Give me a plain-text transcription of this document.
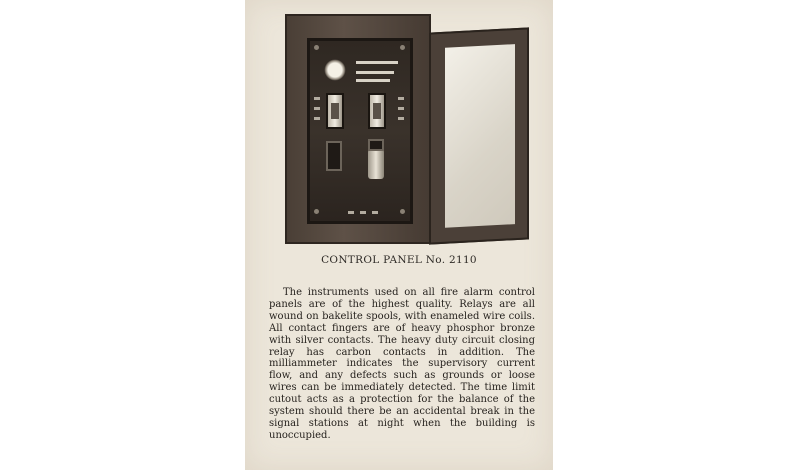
CONTROL PANEL No. 2110

The instruments used on all fire alarm control panels are of the highest quality. Relays are all wound on bakelite spools, with enameled wire coils. All contact fingers are of heavy phosphor bronze with silver contacts. The heavy duty circuit closing relay has carbon contacts in addition. The milliammeter indicates the supervisory current flow, and any defects such as grounds or loose wires can be immediately detected. The time limit cutout acts as a protection for the balance of the system should there be an accidental break in the signal stations at night when the building is unoccupied.
